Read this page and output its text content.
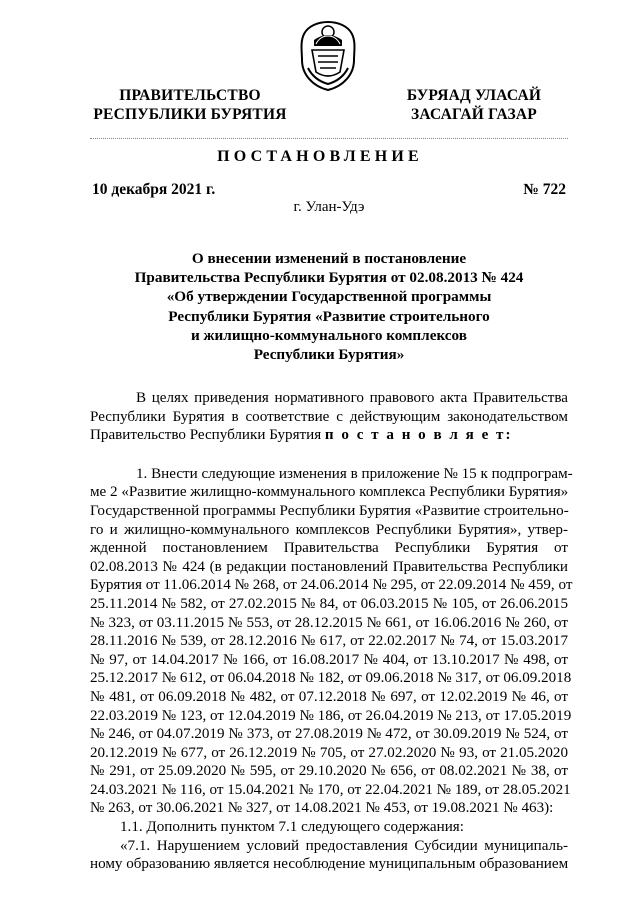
ПРАВИТЕЛЬСТВО
РЕСПУБЛИКИ БУРЯТИЯ
БУРЯАД УЛАСАЙ
ЗАСАГАЙ ГАЗАР
ПОСТАНОВЛЕНИЕ
10 декабря 2021 г.	№ 722
г. Улан-Удэ
О внесении изменений в постановление
Правительства Республики Бурятия от 02.08.2013 № 424
«Об утверждении Государственной программы
Республики Бурятия «Развитие строительного
и жилищно-коммунального комплексов
Республики Бурятия»
В целях приведения нормативного правового акта Правительства
Республики Бурятия в соответствие с действующим законодательством
Правительство Республики Бурятия п о с т а н о в л я е т:
1. Внести следующие изменения в приложение № 15 к подпрограм-
ме 2 «Развитие жилищно-коммунального комплекса Республики Бурятия»
Государственной программы Республики Бурятия «Развитие строительно-
го и жилищно-коммунального комплексов Республики Бурятия», утвер-
жденной постановлением Правительства Республики Бурятия от
02.08.2013 № 424 (в редакции постановлений Правительства Республики
Бурятия от 11.06.2014 № 268, от 24.06.2014 № 295, от 22.09.2014 № 459, от
25.11.2014 № 582, от 27.02.2015 № 84, от 06.03.2015 № 105, от 26.06.2015
№ 323, от 03.11.2015 № 553, от 28.12.2015 № 661, от 16.06.2016 № 260, от
28.11.2016 № 539, от 28.12.2016 № 617, от 22.02.2017 № 74, от 15.03.2017
№ 97, от 14.04.2017 № 166, от 16.08.2017 № 404, от 13.10.2017 № 498, от
25.12.2017 № 612, от 06.04.2018 № 182, от 09.06.2018 № 317, от 06.09.2018
№ 481, от 06.09.2018 № 482, от 07.12.2018 № 697, от 12.02.2019 № 46, от
22.03.2019 № 123, от 12.04.2019 № 186, от 26.04.2019 № 213, от 17.05.2019
№ 246, от 04.07.2019 № 373, от 27.08.2019 № 472, от 30.09.2019 № 524, от
20.12.2019 № 677, от 26.12.2019 № 705, от 27.02.2020 № 93, от 21.05.2020
№ 291, от 25.09.2020 № 595, от 29.10.2020 № 656, от 08.02.2021 № 38, от
24.03.2021 № 116, от 15.04.2021 № 170, от 22.04.2021 № 189, от 28.05.2021
№ 263, от 30.06.2021 № 327, от 14.08.2021 № 453, от 19.08.2021 № 463):
1.1. Дополнить пунктом 7.1 следующего содержания:
«7.1. Нарушением условий предоставления Субсидии муниципаль-
ному образованию является несоблюдение муниципальным образованием
